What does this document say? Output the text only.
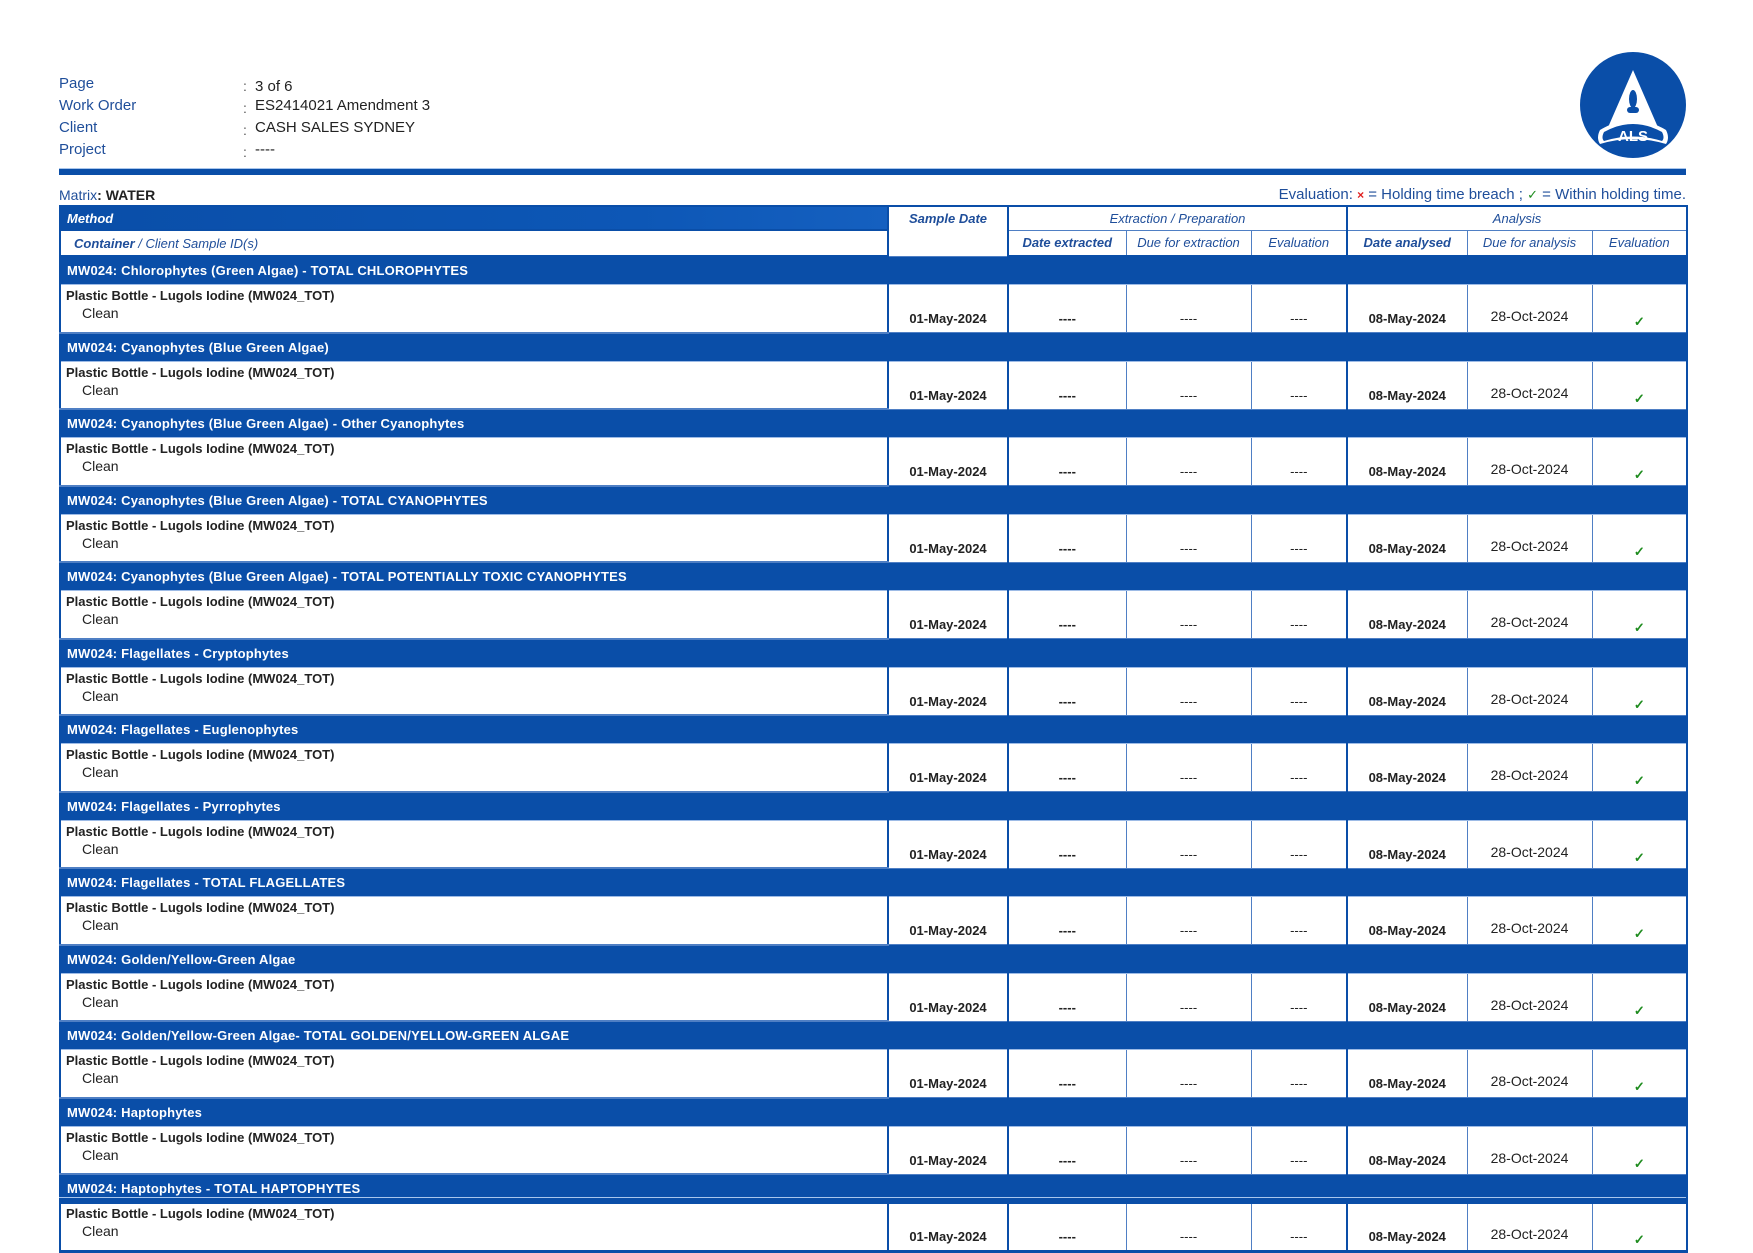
Page	: 3 of 6
Work Order	: ES2414021 Amendment 3
Client	: CASH SALES SYDNEY
Project	: ----
ALS
Matrix: WATER	Evaluation: × = Holding time breach ; ✓ = Within holding time.
Method	Sample Date	Extraction / Preparation			Analysis		
Container / Client Sample ID(s)		Date extracted	Due for extraction	Evaluation	Date analysed	Due for analysis	Evaluation
MW024: Chlorophytes (Green Algae) - TOTAL CHLOROPHYTES							

Plastic Bottle - Lugols Iodine (MW024_TOT)
Clean	01-May-2024	----	----	----	08-May-2024	28-Oct-2024	✓
MW024: Cyanophytes (Blue Green Algae)							

Plastic Bottle - Lugols Iodine (MW024_TOT)
Clean	01-May-2024	----	----	----	08-May-2024	28-Oct-2024	✓
MW024: Cyanophytes (Blue Green Algae) - Other Cyanophytes							

Plastic Bottle - Lugols Iodine (MW024_TOT)
Clean	01-May-2024	----	----	----	08-May-2024	28-Oct-2024	✓
MW024: Cyanophytes (Blue Green Algae) - TOTAL CYANOPHYTES							

Plastic Bottle - Lugols Iodine (MW024_TOT)
Clean	01-May-2024	----	----	----	08-May-2024	28-Oct-2024	✓
MW024: Cyanophytes (Blue Green Algae) - TOTAL POTENTIALLY TOXIC CYANOPHYTES							

Plastic Bottle - Lugols Iodine (MW024_TOT)
Clean	01-May-2024	----	----	----	08-May-2024	28-Oct-2024	✓
MW024: Flagellates - Cryptophytes							

Plastic Bottle - Lugols Iodine (MW024_TOT)
Clean	01-May-2024	----	----	----	08-May-2024	28-Oct-2024	✓
MW024: Flagellates - Euglenophytes							

Plastic Bottle - Lugols Iodine (MW024_TOT)
Clean	01-May-2024	----	----	----	08-May-2024	28-Oct-2024	✓
MW024: Flagellates - Pyrrophytes							

Plastic Bottle - Lugols Iodine (MW024_TOT)
Clean	01-May-2024	----	----	----	08-May-2024	28-Oct-2024	✓
MW024: Flagellates - TOTAL FLAGELLATES							

Plastic Bottle - Lugols Iodine (MW024_TOT)
Clean	01-May-2024	----	----	----	08-May-2024	28-Oct-2024	✓
MW024: Golden/Yellow-Green Algae							

Plastic Bottle - Lugols Iodine (MW024_TOT)
Clean	01-May-2024	----	----	----	08-May-2024	28-Oct-2024	✓
MW024: Golden/Yellow-Green Algae- TOTAL GOLDEN/YELLOW-GREEN ALGAE							

Plastic Bottle - Lugols Iodine (MW024_TOT)
Clean	01-May-2024	----	----	----	08-May-2024	28-Oct-2024	✓
MW024: Haptophytes							

Plastic Bottle - Lugols Iodine (MW024_TOT)
Clean	01-May-2024	----	----	----	08-May-2024	28-Oct-2024	✓
MW024: Haptophytes - TOTAL HAPTOPHYTES							

Plastic Bottle - Lugols Iodine (MW024_TOT)
Clean	01-May-2024	----	----	----	08-May-2024	28-Oct-2024	✓
